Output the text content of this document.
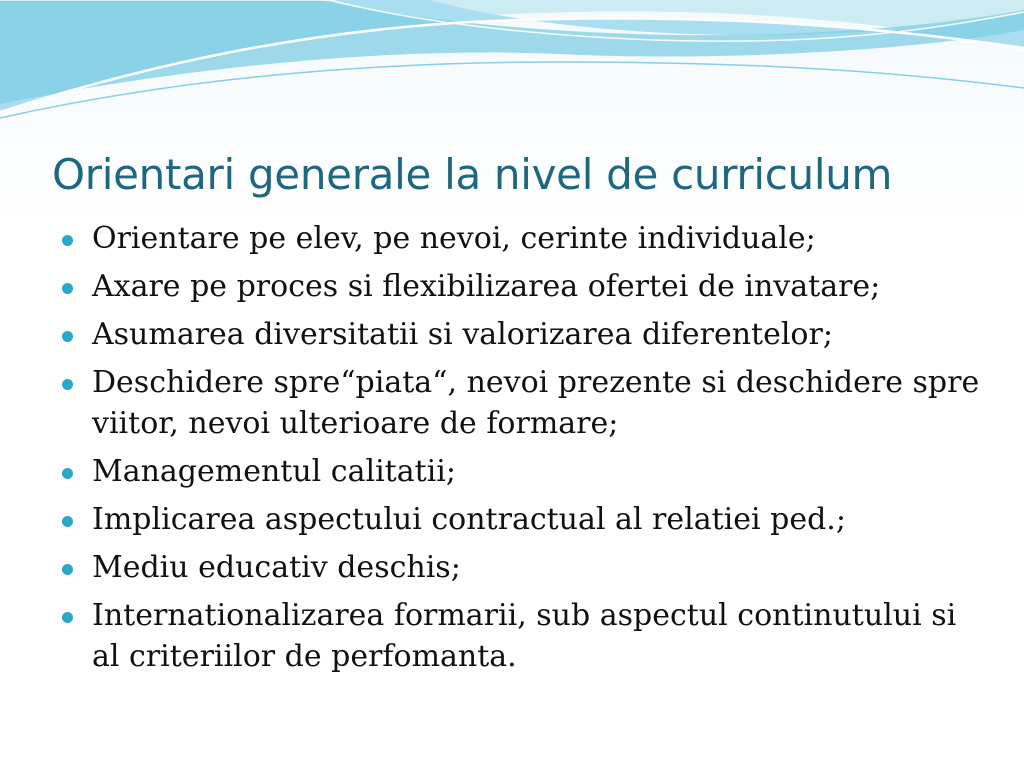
Orientari generale la nivel de curriculum
Orientare pe elev, pe nevoi, cerinte individuale;
Axare pe proces si flexibilizarea ofertei de invatare;
Asumarea diversitatii si valorizarea diferentelor;
Deschidere spre“piata“, nevoi prezente si deschidere spre viitor, nevoi ulterioare de formare;
Managementul calitatii;
Implicarea aspectului contractual al relatiei ped.;
Mediu educativ deschis;
Internationalizarea formarii, sub aspectul continutului si al criteriilor de perfomanta.
